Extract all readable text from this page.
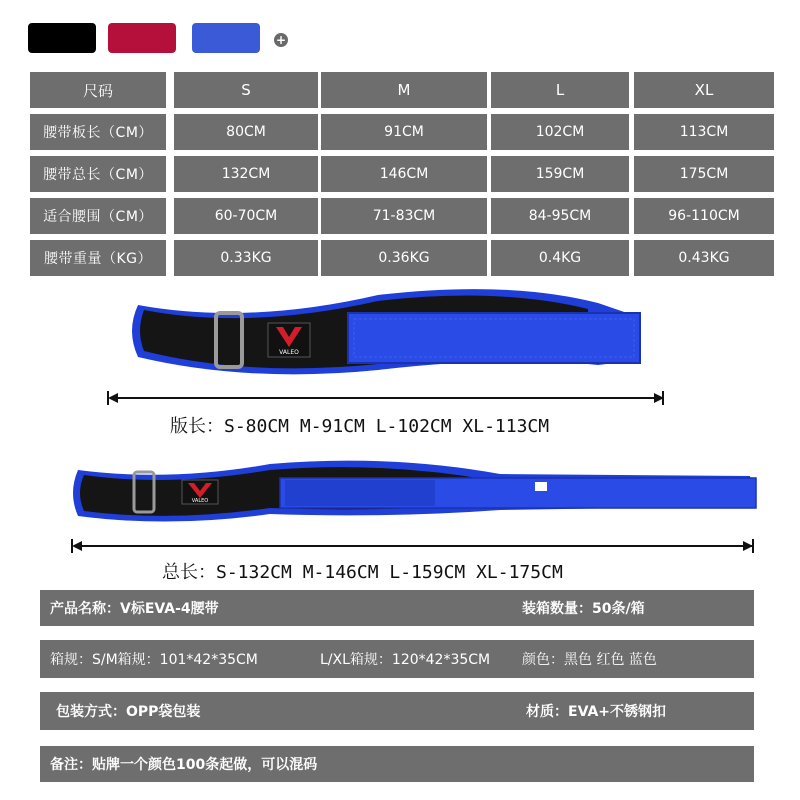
+
尺码	S	M	L	XL
腰带板长（CM）	80CM	91CM	102CM	113CM
腰带总长（CM）	132CM	146CM	159CM	175CM
适合腰围（CM）	60-70CM	71-83CM	84-95CM	96-110CM
腰带重量（KG）	0.33KG	0.36KG	0.4KG	0.43KG
VALEO
版长：S-80CM M-91CM L-102CM XL-113CM
VALEO
总长：S-132CM M-146CM L-159CM XL-175CM
产品名称：V标EVA-4腰带	装箱数量：50条/箱
箱规：S/M箱规：101*42*35CM	L/XL箱规：120*42*35CM 颜色：黑色 红色 蓝色
包装方式：OPP袋包装	材质：EVA+不锈钢扣
备注：贴牌一个颜色100条起做，可以混码
